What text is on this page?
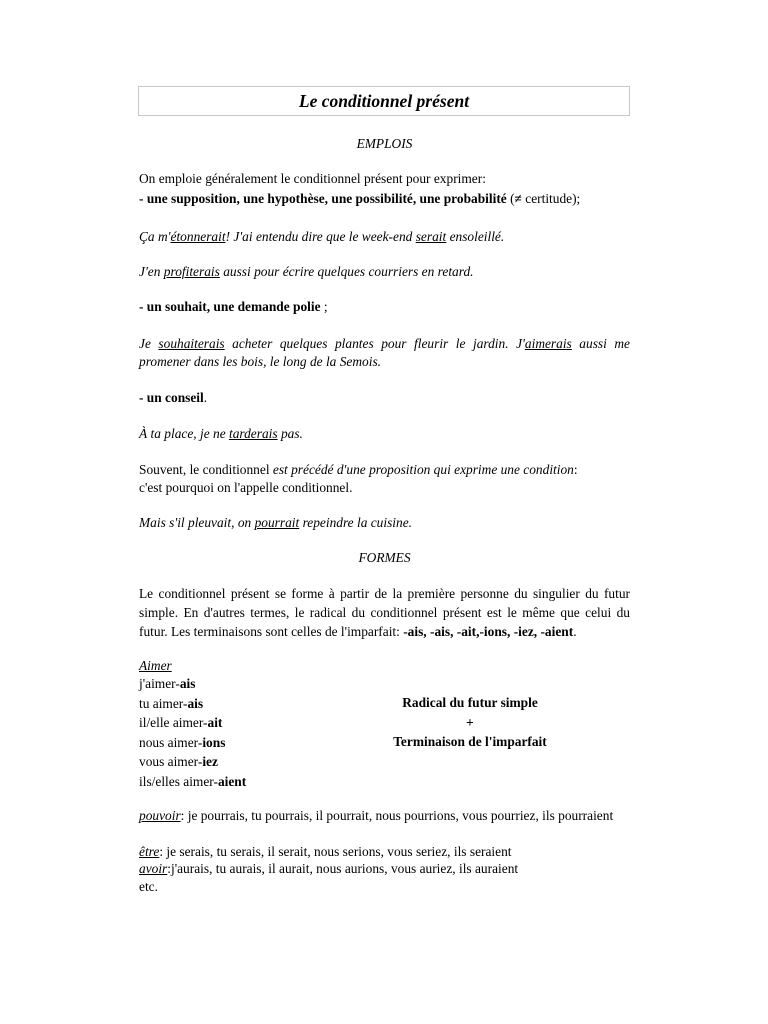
Le conditionnel présent
EMPLOIS
On emploie généralement le conditionnel présent pour exprimer:
- une supposition, une hypothèse, une possibilité, une probabilité (≠ certitude);
Ça m'étonnerait! J'ai entendu dire que le week-end serait ensoleillé.
J'en profiterais aussi pour écrire quelques courriers en retard.
- un souhait, une demande polie ;
Je souhaiterais acheter quelques plantes pour fleurir le jardin. J'aimerais aussi me promener dans les bois, le long de la Semois.
- un conseil.
À ta place, je ne tarderais pas.
Souvent, le conditionnel est précédé d'une proposition qui exprime une condition:
c'est pourquoi on l'appelle conditionnel.
Mais s'il pleuvait, on pourrait repeindre la cuisine.
FORMES
Le conditionnel présent se forme à partir de la première personne du singulier du futur simple. En d'autres termes, le radical du conditionnel présent est le même que celui du futur. Les terminaisons sont celles de l'imparfait: -ais, -ais, -ait,-ions, -iez, -aient.
Aimer
j'aimer-ais
tu aimer-ais
il/elle aimer-ait
nous aimer-ions
vous aimer-iez
ils/elles aimer-aient
Radical du futur simple
+
Terminaison de l'imparfait
pouvoir: je pourrais, tu pourrais, il pourrait, nous pourrions, vous pourriez, ils pourraient
être: je serais, tu serais, il serait, nous serions, vous seriez, ils seraient
avoir:j'aurais, tu aurais, il aurait, nous aurions, vous auriez, ils auraient
etc.
